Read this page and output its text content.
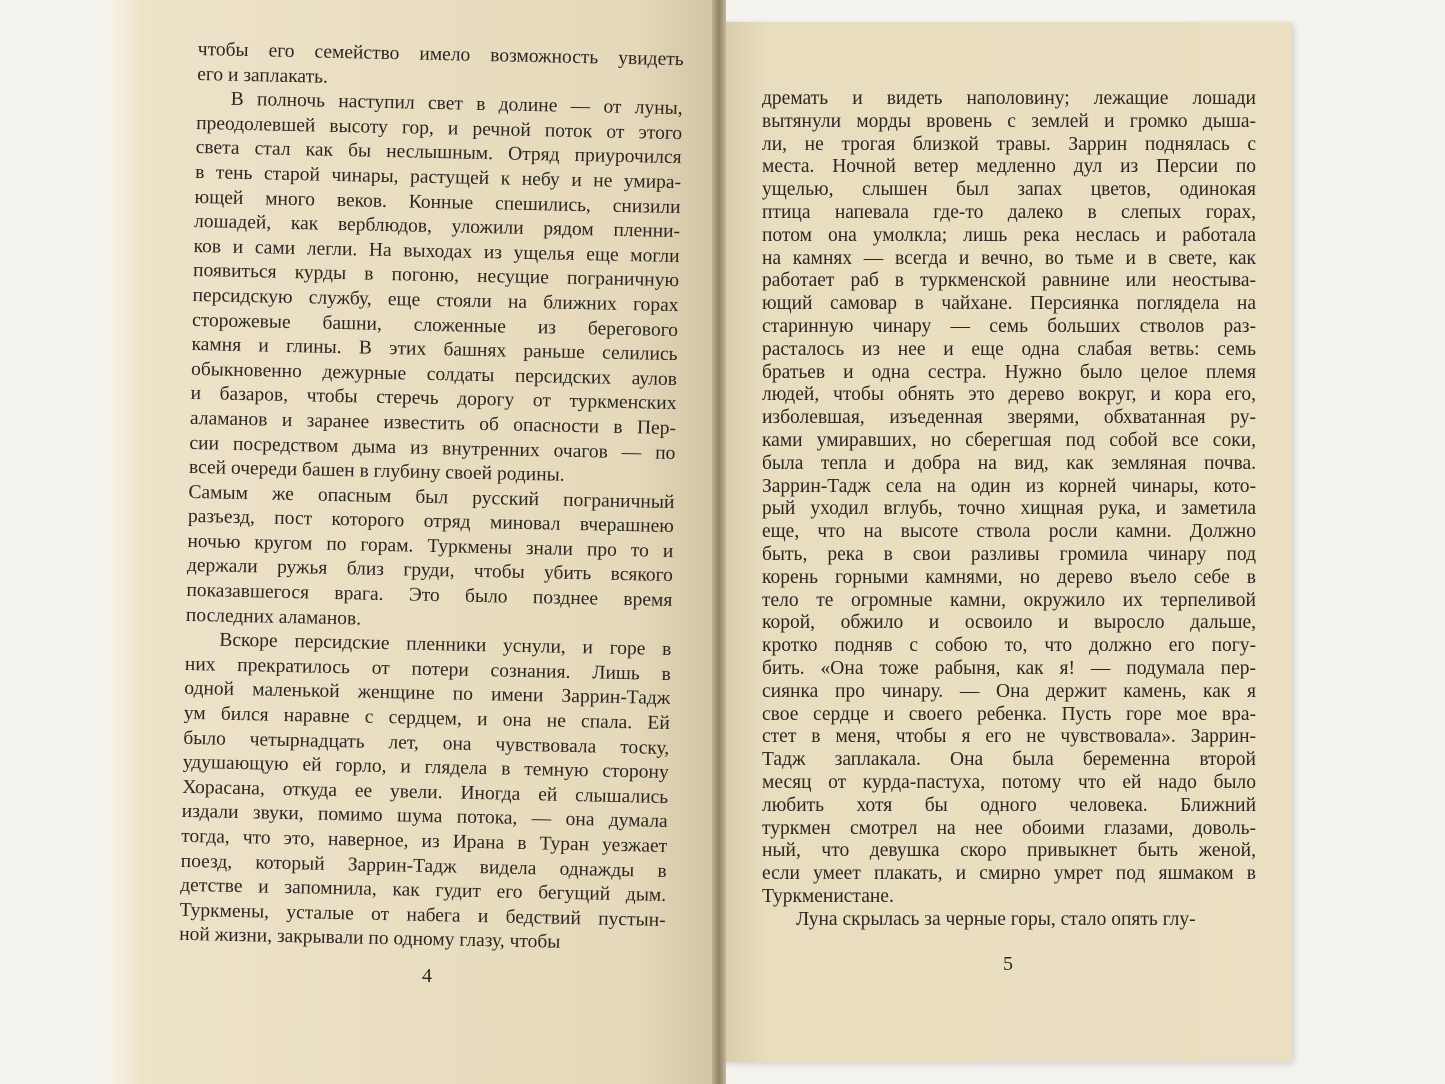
чтобы его семейство имело возможность увидеть
его и заплакать.
В полночь наступил свет в долине — от луны,
преодолевшей высоту гор, и речной поток от этого
света стал как бы неслышным. Отряд приурочился
в тень старой чинары, растущей к небу и не умира-
ющей много веков. Конные спешились, снизили
лошадей, как верблюдов, уложили рядом пленни-
ков и сами легли. На выходах из ущелья еще могли
появиться курды в погоню, несущие пограничную
персидскую службу, еще стояли на ближних горах
сторожевые башни, сложенные из берегового
камня и глины. В этих башнях раньше селились
обыкновенно дежурные солдаты персидских аулов
и базаров, чтобы стеречь дорогу от туркменских
аламанов и заранее известить об опасности в Пер-
сии посредством дыма из внутренних очагов — по
всей очереди башен в глубину своей родины.
Самым же опасным был русский пограничный
разъезд, пост которого отряд миновал вчерашнею
ночью кругом по горам. Туркмены знали про то и
держали ружья близ груди, чтобы убить всякого
показавшегося врага. Это было позднее время
последних аламанов.
Вскоре персидские пленники уснули, и горе в
них прекратилось от потери сознания. Лишь в
одной маленькой женщине по имени Заррин-Тадж
ум бился наравне с сердцем, и она не спала. Ей
было четырнадцать лет, она чувствовала тоску,
удушающую ей горло, и глядела в темную сторону
Хорасана, откуда ее увели. Иногда ей слышались
издали звуки, помимо шума потока, — она думала
тогда, что это, наверное, из Ирана в Туран уезжает
поезд, который Заррин-Тадж видела однажды в
детстве и запомнила, как гудит его бегущий дым.
Туркмены, усталые от набега и бедствий пустын-
ной жизни, закрывали по одному глазу, чтобы
дремать и видеть наполовину; лежащие лошади
вытянули морды вровень с землей и громко дыша-
ли, не трогая близкой травы. Заррин поднялась с
места. Ночной ветер медленно дул из Персии по
ущелью, слышен был запах цветов, одинокая
птица напевала где-то далеко в слепых горах,
потом она умолкла; лишь река неслась и работала
на камнях — всегда и вечно, во тьме и в свете, как
работает раб в туркменской равнине или неостыва-
ющий самовар в чайхане. Персиянка поглядела на
старинную чинару — семь больших стволов раз-
расталось из нее и еще одна слабая ветвь: семь
братьев и одна сестра. Нужно было целое племя
людей, чтобы обнять это дерево вокруг, и кора его,
изболевшая, изъеденная зверями, обхватанная ру-
ками умиравших, но сберегшая под собой все соки,
была тепла и добра на вид, как земляная почва.
Заррин-Тадж села на один из корней чинары, кото-
рый уходил вглубь, точно хищная рука, и заметила
еще, что на высоте ствола росли камни. Должно
быть, река в свои разливы громила чинару под
корень горными камнями, но дерево въело себе в
тело те огромные камни, окружило их терпеливой
корой, обжило и освоило и выросло дальше,
кротко подняв с собою то, что должно его погу-
бить. «Она тоже рабыня, как я! — подумала пер-
сиянка про чинару. — Она держит камень, как я
свое сердце и своего ребенка. Пусть горе мое вра-
стет в меня, чтобы я его не чувствовала». Заррин-
Тадж заплакала. Она была беременна второй
месяц от курда-пастуха, потому что ей надо было
любить хотя бы одного человека. Ближний
туркмен смотрел на нее обоими глазами, доволь-
ный, что девушка скоро привыкнет быть женой,
если умеет плакать, и смирно умрет под яшмаком в
Туркменистане.
Луна скрылась за черные горы, стало опять глу-
4
5
